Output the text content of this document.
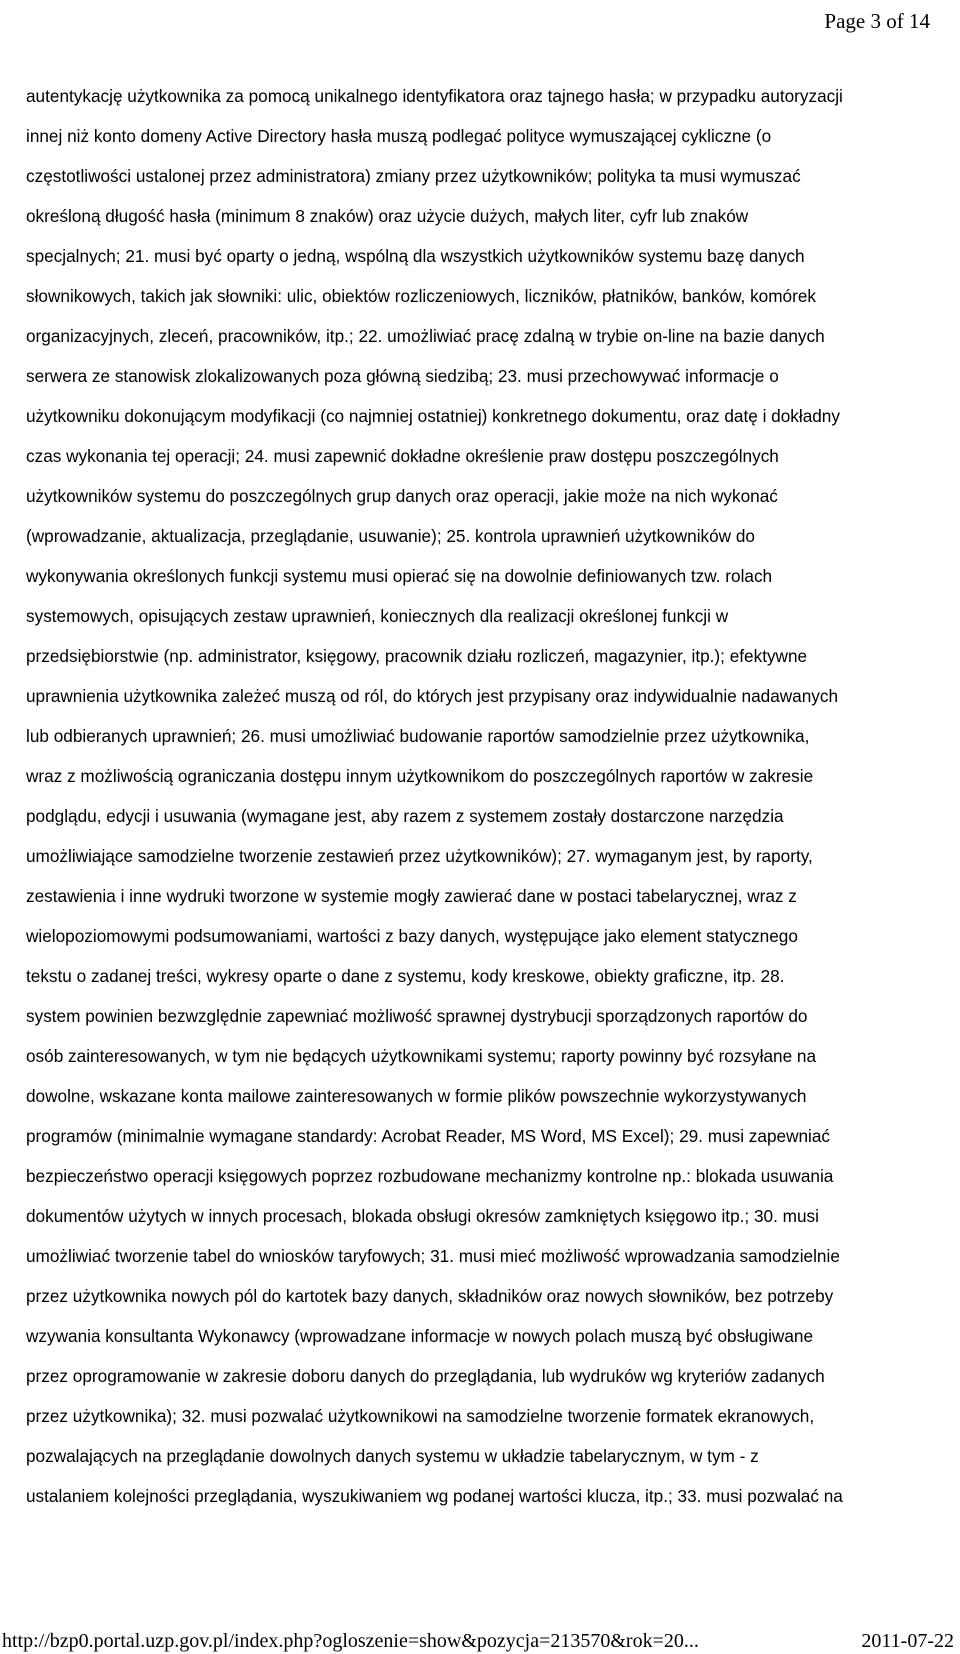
Page 3 of 14
autentykację użytkownika za pomocą unikalnego identyfikatora oraz tajnego hasła; w przypadku autoryzacji
innej niż konto domeny Active Directory hasła muszą podlegać polityce wymuszającej cykliczne (o
częstotliwości ustalonej przez administratora) zmiany przez użytkowników; polityka ta musi wymuszać
określoną długość hasła (minimum 8 znaków) oraz użycie dużych, małych liter, cyfr lub znaków
specjalnych; 21. musi być oparty o jedną, wspólną dla wszystkich użytkowników systemu bazę danych
słownikowych, takich jak słowniki: ulic, obiektów rozliczeniowych, liczników, płatników, banków, komórek
organizacyjnych, zleceń, pracowników, itp.; 22. umożliwiać pracę zdalną w trybie on-line na bazie danych
serwera ze stanowisk zlokalizowanych poza główną siedzibą; 23. musi przechowywać informacje o
użytkowniku dokonującym modyfikacji (co najmniej ostatniej) konkretnego dokumentu, oraz datę i dokładny
czas wykonania tej operacji; 24. musi zapewnić dokładne określenie praw dostępu poszczególnych
użytkowników systemu do poszczególnych grup danych oraz operacji, jakie może na nich wykonać
(wprowadzanie, aktualizacja, przeglądanie, usuwanie); 25. kontrola uprawnień użytkowników do
wykonywania określonych funkcji systemu musi opierać się na dowolnie definiowanych tzw. rolach
systemowych, opisujących zestaw uprawnień, koniecznych dla realizacji określonej funkcji w
przedsiębiorstwie (np. administrator, księgowy, pracownik działu rozliczeń, magazynier, itp.); efektywne
uprawnienia użytkownika zależeć muszą od ról, do których jest przypisany oraz indywidualnie nadawanych
lub odbieranych uprawnień; 26. musi umożliwiać budowanie raportów samodzielnie przez użytkownika,
wraz z możliwością ograniczania dostępu innym użytkownikom do poszczególnych raportów w zakresie
podglądu, edycji i usuwania (wymagane jest, aby razem z systemem zostały dostarczone narzędzia
umożliwiające samodzielne tworzenie zestawień przez użytkowników); 27. wymaganym jest, by raporty,
zestawienia i inne wydruki tworzone w systemie mogły zawierać dane w postaci tabelarycznej, wraz z
wielopoziomowymi podsumowaniami, wartości z bazy danych, występujące jako element statycznego
tekstu o zadanej treści, wykresy oparte o dane z systemu, kody kreskowe, obiekty graficzne, itp. 28.
system powinien bezwzględnie zapewniać możliwość sprawnej dystrybucji sporządzonych raportów do
osób zainteresowanych, w tym nie będących użytkownikami systemu; raporty powinny być rozsyłane na
dowolne, wskazane konta mailowe zainteresowanych w formie plików powszechnie wykorzystywanych
programów (minimalnie wymagane standardy: Acrobat Reader, MS Word, MS Excel); 29. musi zapewniać
bezpieczeństwo operacji księgowych poprzez rozbudowane mechanizmy kontrolne np.: blokada usuwania
dokumentów użytych w innych procesach, blokada obsługi okresów zamkniętych księgowo itp.; 30. musi
umożliwiać tworzenie tabel do wniosków taryfowych; 31. musi mieć możliwość wprowadzania samodzielnie
przez użytkownika nowych pól do kartotek bazy danych, składników oraz nowych słowników, bez potrzeby
wzywania konsultanta Wykonawcy (wprowadzane informacje w nowych polach muszą być obsługiwane
przez oprogramowanie w zakresie doboru danych do przeglądania, lub wydruków wg kryteriów zadanych
przez użytkownika); 32. musi pozwalać użytkownikowi na samodzielne tworzenie formatek ekranowych,
pozwalających na przeglądanie dowolnych danych systemu w układzie tabelarycznym, w tym - z
ustalaniem kolejności przeglądania, wyszukiwaniem wg podanej wartości klucza, itp.; 33. musi pozwalać na
http://bzp0.portal.uzp.gov.pl/index.php?ogloszenie=show&pozycja=213570&rok=20...	2011-07-22
